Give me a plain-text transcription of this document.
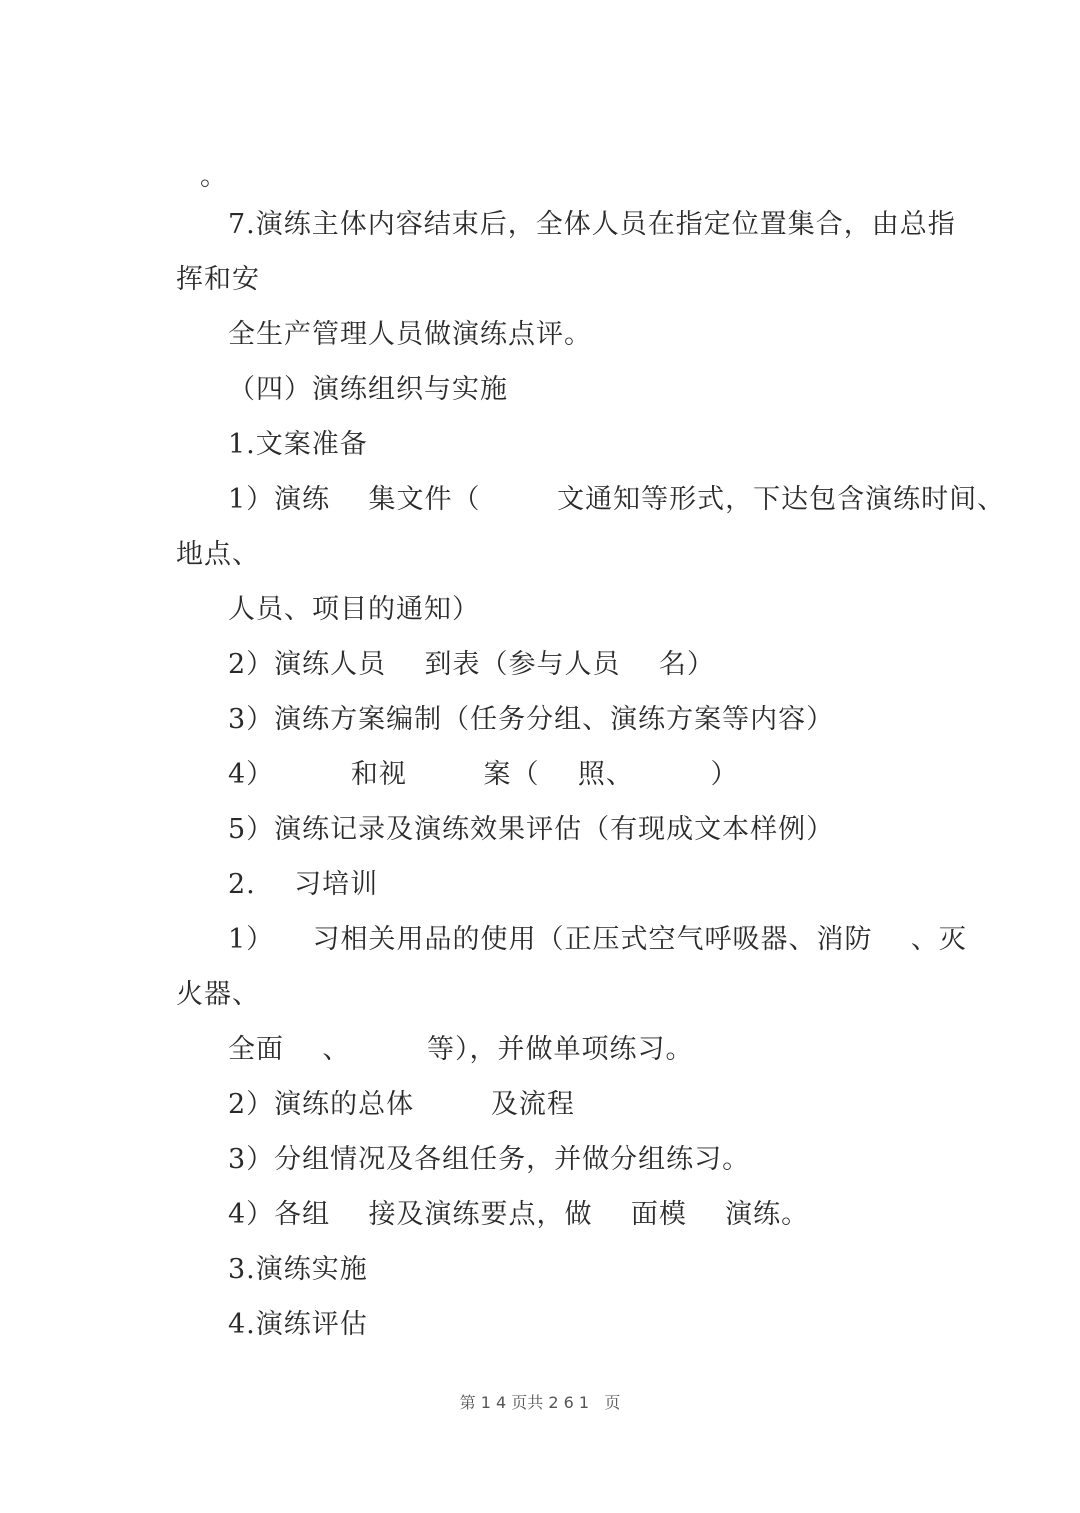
。
7.演练主体内容结束后，全体人员在指定位置集合，由总指
挥和安
全生产管理人员做演练点评。
（四）演练组织与实施
1.文案准备
1）演练    集文件（        文通知等形式，下达包含演练时间、
地点、
人员、项目的通知）
2）演练人员    到表（参与人员    名）
3）演练方案编制（任务分组、演练方案等内容）
4）        和视        案（    照、        ）
5）演练记录及演练效果评估（有现成文本样例）
2.    习培训
1）    习相关用品的使用（正压式空气呼吸器、消防    、灭
火器、
全面    、        等），并做单项练习。
2）演练的总体        及流程
3）分组情况及各组任务，并做分组练习。
4）各组    接及演练要点，做    面模    演练。
3.演练实施
4.演练评估
第 1 4 页共 2 6 1   页
